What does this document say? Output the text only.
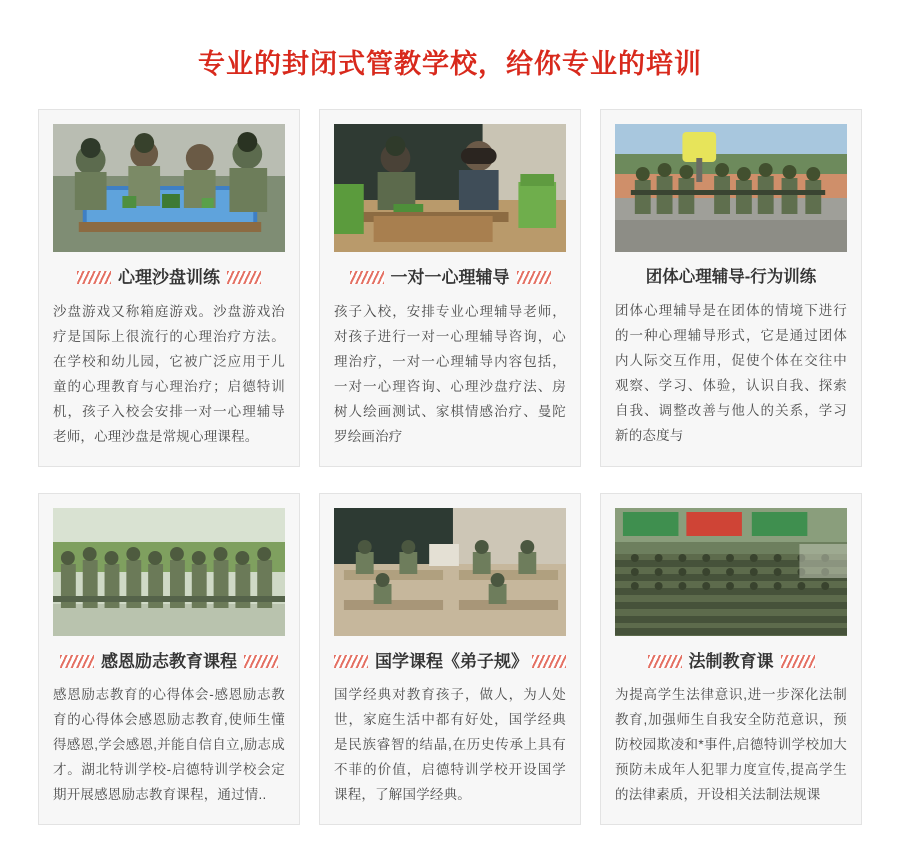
专业的封闭式管教学校，给你专业的培训
心理沙盘训练
沙盘游戏又称箱庭游戏。沙盘游戏治疗是国际上很流行的心理治疗方法。在学校和幼儿园，它被广泛应用于儿童的心理教育与心理治疗；启德特训机，孩子入校会安排一对一心理辅导老师，心理沙盘是常规心理课程。
一对一心理辅导
孩子入校，安排专业心理辅导老师，对孩子进行一对一心理辅导咨询，心理治疗，一对一心理辅导内容包括，一对一心理咨询、心理沙盘疗法、房树人绘画测试、家棋情感治疗、曼陀罗绘画治疗
团体心理辅导-行为训练
团体心理辅导是在团体的情境下进行的一种心理辅导形式，它是通过团体内人际交互作用，促使个体在交往中观察、学习、体验，认识自我、探索自我、调整改善与他人的关系，学习新的态度与
感恩励志教育课程
感恩励志教育的心得体会-感恩励志教育的心得体会感恩励志教育,使师生懂得感恩,学会感恩,并能自信自立,励志成才。湖北特训学校-启德特训学校会定期开展感恩励志教育课程，通过情..
国学课程《弟子规》
国学经典对教育孩子，做人，为人处世，家庭生活中都有好处，国学经典是民族睿智的结晶,在历史传承上具有不菲的价值，启德特训学校开设国学课程，了解国学经典。
法制教育课
为提高学生法律意识,进一步深化法制教育,加强师生自我安全防范意识，预防校园欺凌和*事件,启德特训学校加大预防未成年人犯罪力度宣传,提高学生的法律素质，开设相关法制法规课
